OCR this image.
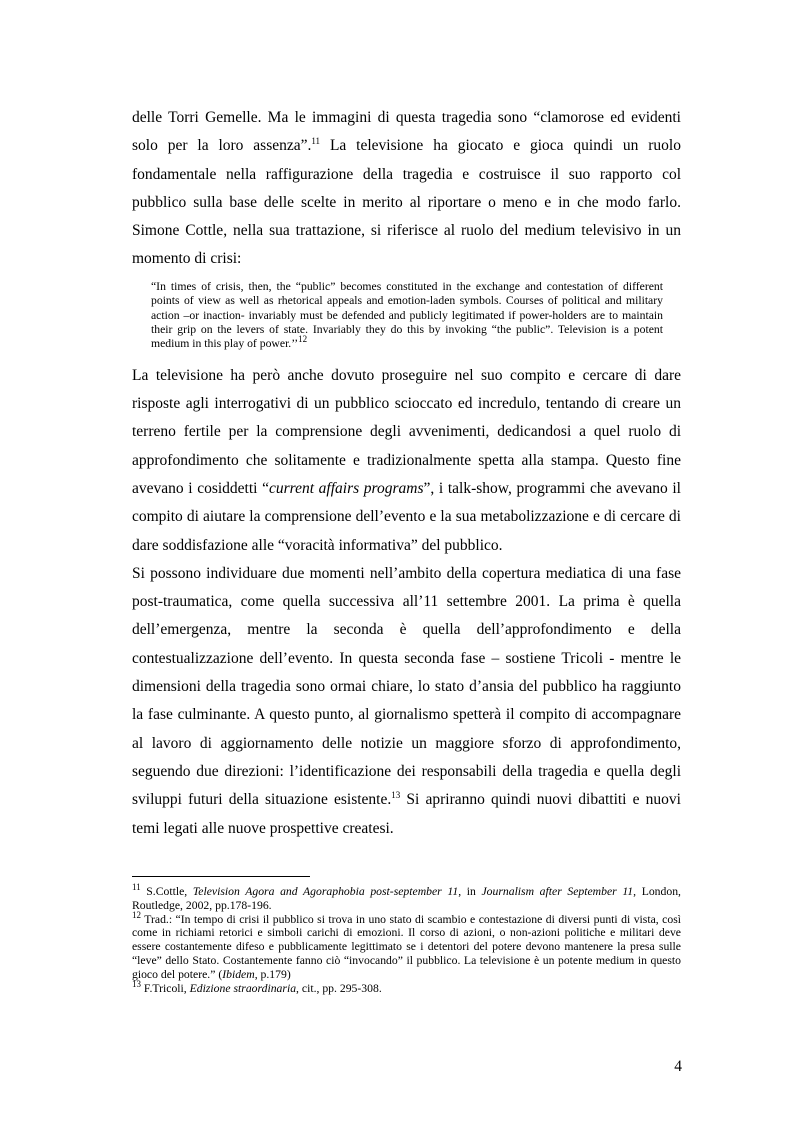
delle Torri Gemelle. Ma le immagini di questa tragedia sono “clamorose ed evidenti solo per la loro assenza”.$^{11}$ La televisione ha giocato e gioca quindi un ruolo fondamentale nella raffigurazione della tragedia e costruisce il suo rapporto col pubblico sulla base delle scelte in merito al riportare o meno e in che modo farlo. Simone Cottle, nella sua trattazione, si riferisce al ruolo del medium televisivo in un momento di crisi:

“In times of crisis, then, the “public” becomes constituted in the exchange and contestation of different points of view as well as rhetorical appeals and emotion-laden symbols. Courses of political and military action –or inaction- invariably must be defended and publicly legitimated if power-holders are to maintain their grip on the levers of state. Invariably they do this by invoking “the public”. Television is a potent medium in this play of power.’’$^{12}$

La televisione ha però anche dovuto proseguire nel suo compito e cercare di dare risposte agli interrogativi di un pubblico scioccato ed incredulo, tentando di creare un terreno fertile per la comprensione degli avvenimenti, dedicandosi a quel ruolo di approfondimento che solitamente e tradizionalmente spetta alla stampa. Questo fine avevano i cosiddetti “current affairs programs”, i talk-show, programmi che avevano il compito di aiutare la comprensione dell’evento e la sua metabolizzazione e di cercare di dare soddisfazione alle “voracità informativa” del pubblico.

Si possono individuare due momenti nell’ambito della copertura mediatica di una fase post-traumatica, come quella successiva all’11 settembre 2001. La prima è quella dell’emergenza, mentre la seconda è quella dell’approfondimento e della contestualizzazione dell’evento. In questa seconda fase – sostiene Tricoli - mentre le dimensioni della tragedia sono ormai chiare, lo stato d’ansia del pubblico ha raggiunto la fase culminante. A questo punto, al giornalismo spetterà il compito di accompagnare al lavoro di aggiornamento delle notizie un maggiore sforzo di approfondimento, seguendo due direzioni: l’identificazione dei responsabili della tragedia e quella degli sviluppi futuri della situazione esistente.$^{13}$ Si apriranno quindi nuovi dibattiti e nuovi temi legati alle nuove prospettive createsi.

$^{11}$ S.Cottle, Television Agora and Agoraphobia post-september 11, in Journalism after September 11, London, Routledge, 2002, pp.178-196.

$^{12}$ Trad.: “In tempo di crisi il pubblico si trova in uno stato di scambio e contestazione di diversi punti di vista, così come in richiami retorici e simboli carichi di emozioni. Il corso di azioni, o non-azioni politiche e militari deve essere costantemente difeso e pubblicamente legittimato se i detentori del potere devono mantenere la presa sulle “leve” dello Stato. Costantemente fanno ciò “invocando” il pubblico. La televisione è un potente medium in questo gioco del potere.” (Ibidem, p.179)

$^{13}$ F.Tricoli, Edizione straordinaria, cit., pp. 295-308.

4
